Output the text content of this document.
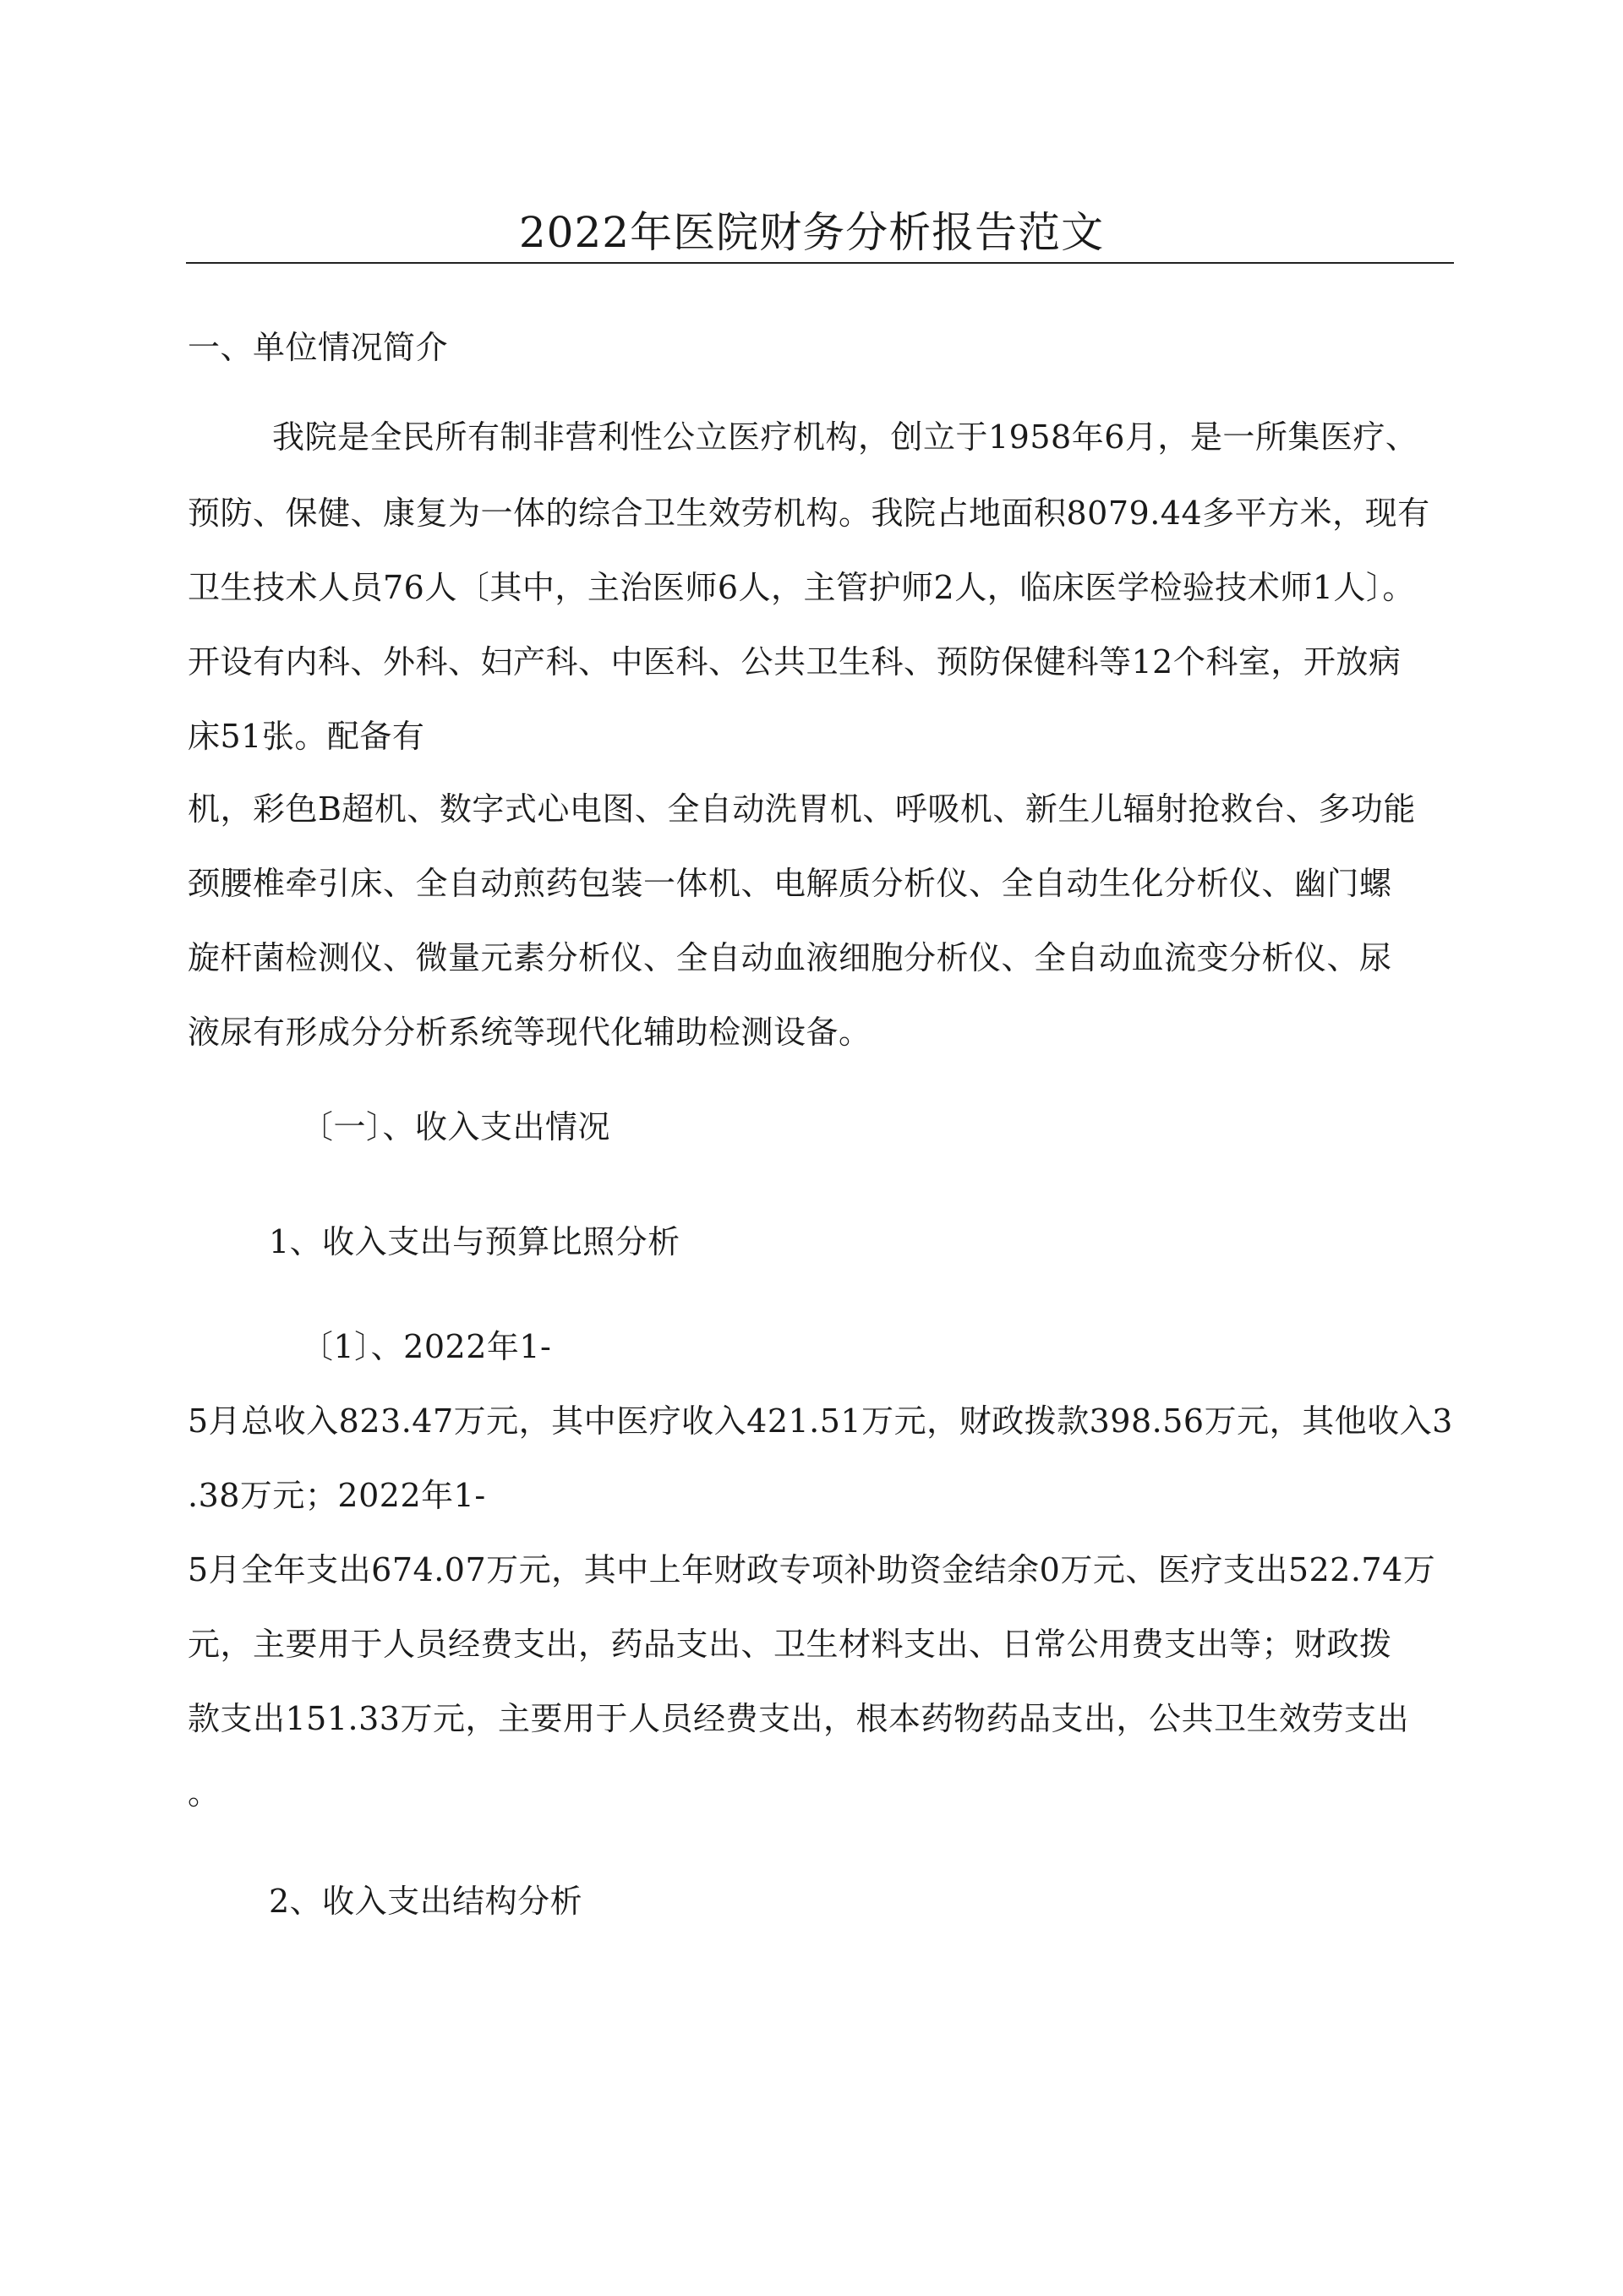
2022年医院财务分析报告范文
一、单位情况简介
我院是全民所有制非营利性公立医疗机构，创立于1958年6月，是一所集医疗、
预防、保健、康复为一体的综合卫生效劳机构。我院占地面积8079.44多平方米，现有
卫生技术人员76人〔其中，主治医师6人，主管护师2人，临床医学检验技术师1人〕。
开设有内科、外科、妇产科、中医科、公共卫生科、预防保健科等12个科室，开放病
床51张。配备有
机，彩色B超机、数字式心电图、全自动洗胃机、呼吸机、新生儿辐射抢救台、多功能
颈腰椎牵引床、全自动煎药包装一体机、电解质分析仪、全自动生化分析仪、幽门螺
旋杆菌检测仪、微量元素分析仪、全自动血液细胞分析仪、全自动血流变分析仪、尿
液尿有形成分分析系统等现代化辅助检测设备。
〔一〕、收入支出情况
1、收入支出与预算比照分析
〔1〕、2022年1-
5月总收入823.47万元，其中医疗收入421.51万元，财政拨款398.56万元，其他收入3
.38万元；2022年1-
5月全年支出674.07万元，其中上年财政专项补助资金结余0万元、医疗支出522.74万
元，主要用于人员经费支出，药品支出、卫生材料支出、日常公用费支出等；财政拨
款支出151.33万元，主要用于人员经费支出，根本药物药品支出，公共卫生效劳支出
。
2、收入支出结构分析
